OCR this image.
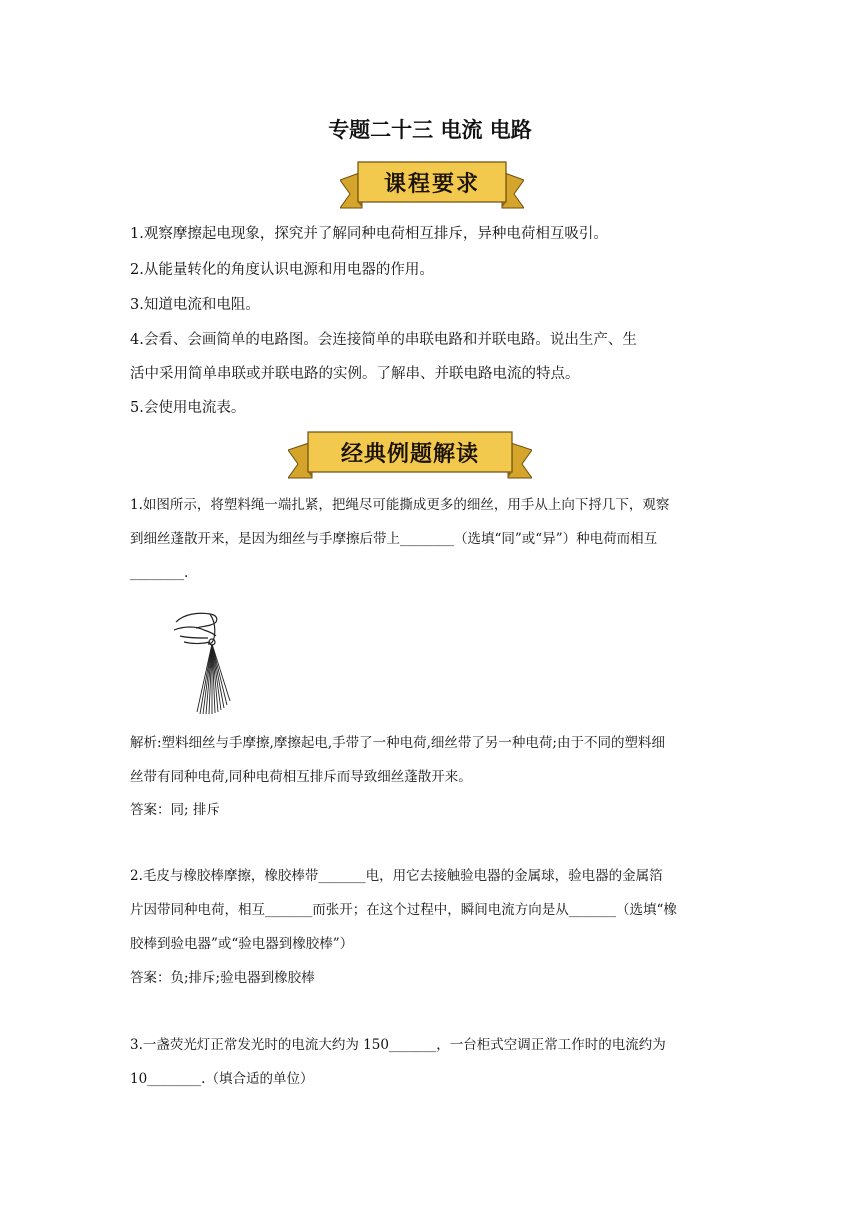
专题二十三 电流 电路
课程要求
1.观察摩擦起电现象，探究并了解同种电荷相互排斥，异种电荷相互吸引。
2.从能量转化的角度认识电源和用电器的作用。
3.知道电流和电阻。
4.会看、会画简单的电路图。会连接简单的串联电路和并联电路。说出生产、生
活中采用简单串联或并联电路的实例。了解串、并联电路电流的特点。
5.会使用电流表。
经典例题解读
1.如图所示，将塑料绳一端扎紧，把绳尽可能撕成更多的细丝，用手从上向下捋几下，观察
到细丝蓬散开来，是因为细丝与手摩擦后带上________（选填“同”或“异”）种电荷而相互
________.
解析:塑料细丝与手摩擦,摩擦起电,手带了一种电荷,细丝带了另一种电荷;由于不同的塑料细
丝带有同种电荷,同种电荷相互排斥而导致细丝蓬散开来。
答案：同; 排斥
2.毛皮与橡胶棒摩擦，橡胶棒带_______电，用它去接触验电器的金属球，验电器的金属箔
片因带同种电荷，相互_______而张开；在这个过程中，瞬间电流方向是从_______（选填“橡
胶棒到验电器”或“验电器到橡胶棒”）
答案：负;排斥;验电器到橡胶棒
3.一盏荧光灯正常发光时的电流大约为 150_______，一台柜式空调正常工作时的电流约为
10________.（填合适的单位）
